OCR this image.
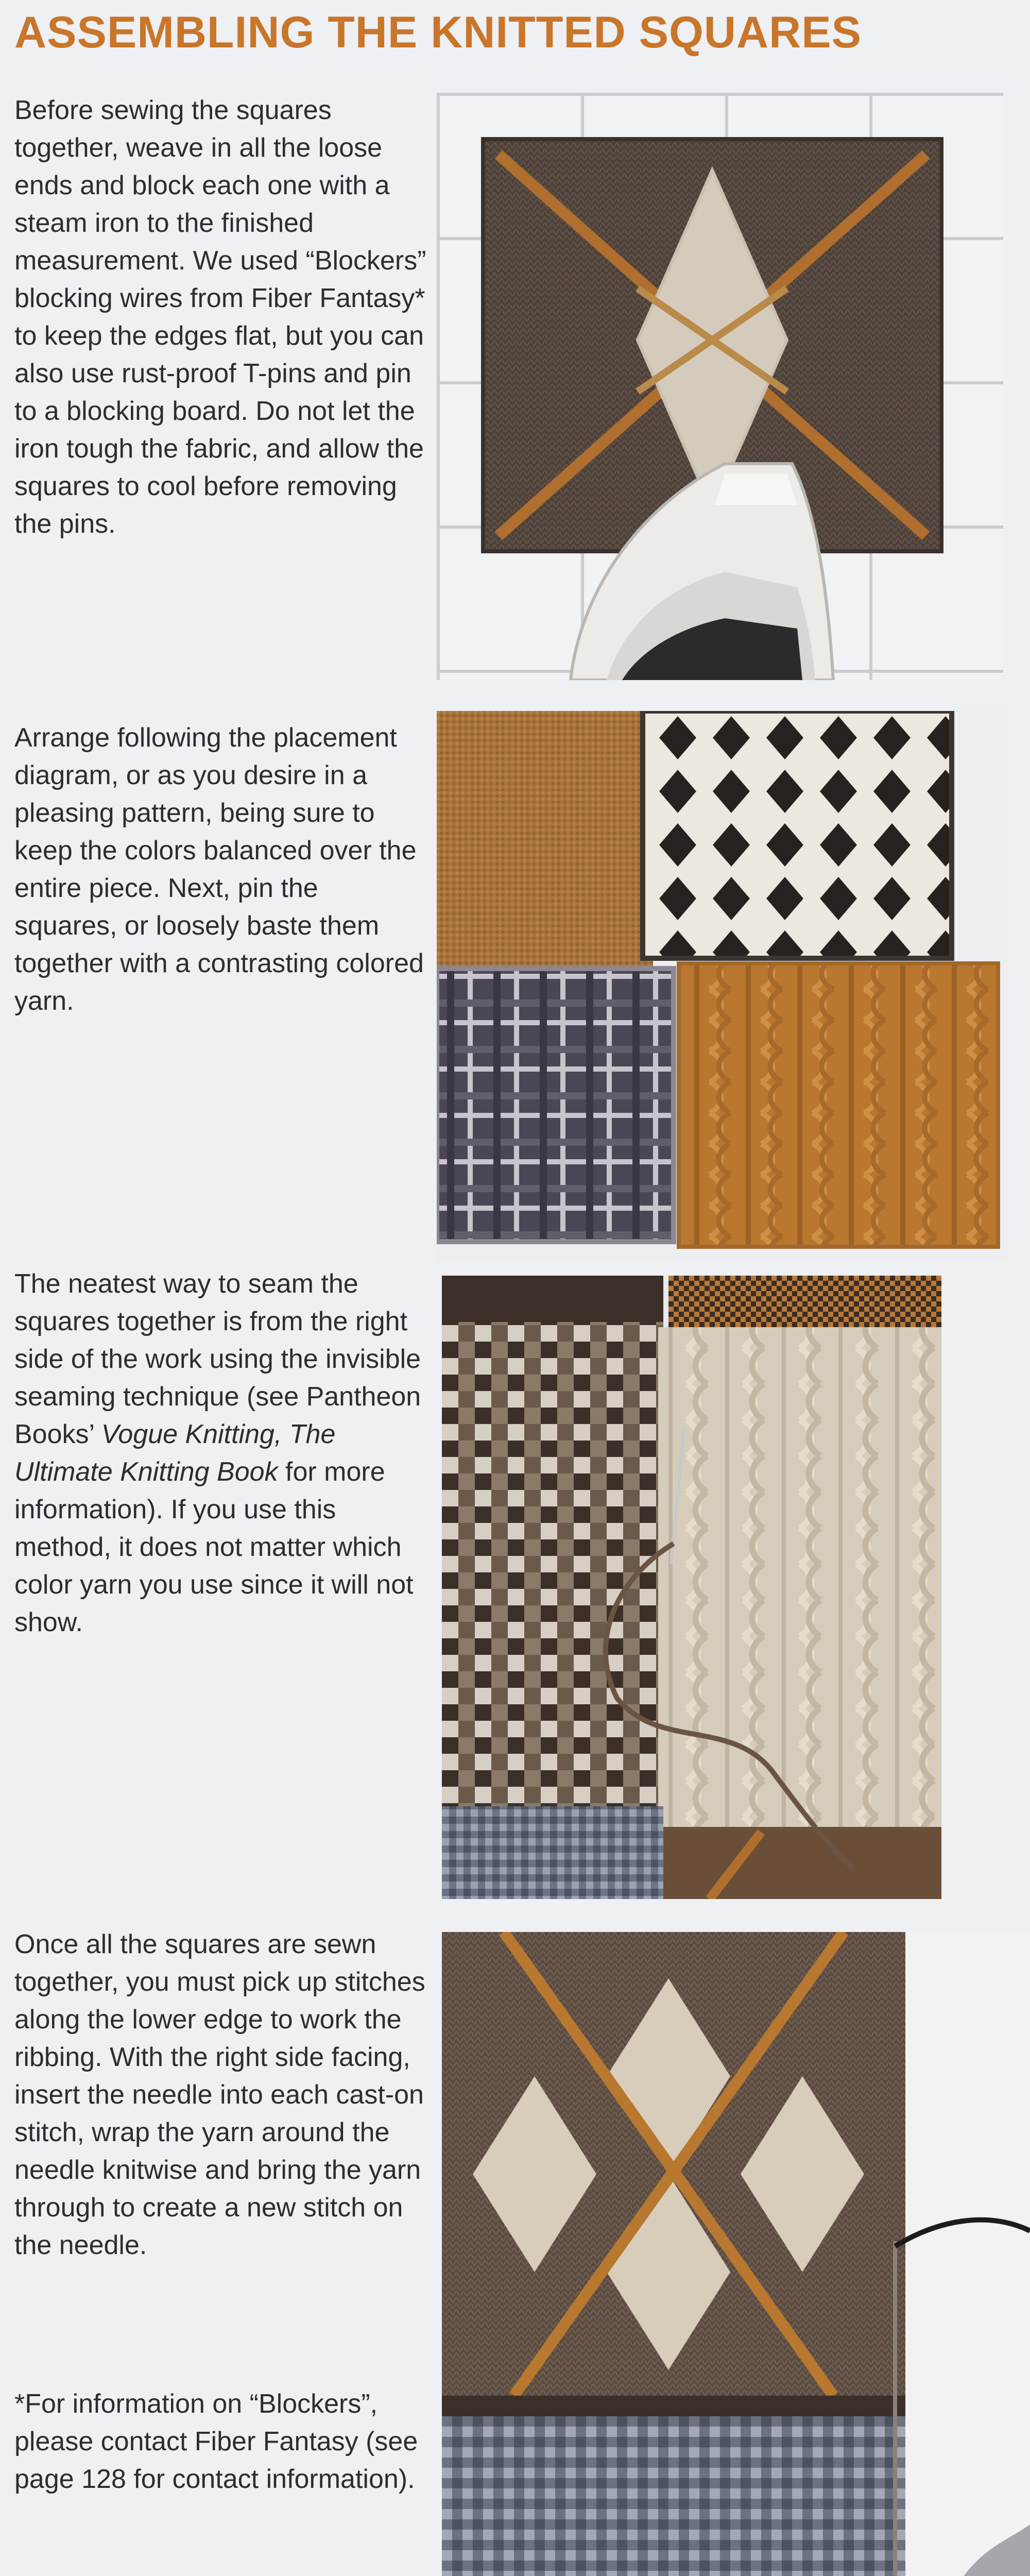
ASSEMBLING THE KNITTED SQUARES

Before sewing the squares together, weave in all the loose ends and block each one with a steam iron to the finished measurement. We used “Blockers” blocking wires from Fiber Fantasy* to keep the edges flat, but you can also use rust-proof T-pins and pin to a blocking board. Do not let the iron tough the fabric, and allow the squares to cool before removing the pins.

Arrange following the placement diagram, or as you desire in a pleasing pattern, being sure to keep the colors balanced over the entire piece. Next, pin the squares, or loosely baste them together with a contrasting colored yarn.

The neatest way to seam the squares together is from the right side of the work using the invisible seaming technique (see Pantheon Books’ Vogue Knitting, The Ultimate Knitting Book for more information). If you use this method, it does not matter which color yarn you use since it will not show.

Once all the squares are sewn together, you must pick up stitches along the lower edge to work the ribbing. With the right side facing, insert the needle into each cast-on stitch, wrap the yarn around the needle knitwise and bring the yarn through to create a new stitch on the needle.

*For information on “Blockers”, please contact Fiber Fantasy (see page 128 for contact information).
